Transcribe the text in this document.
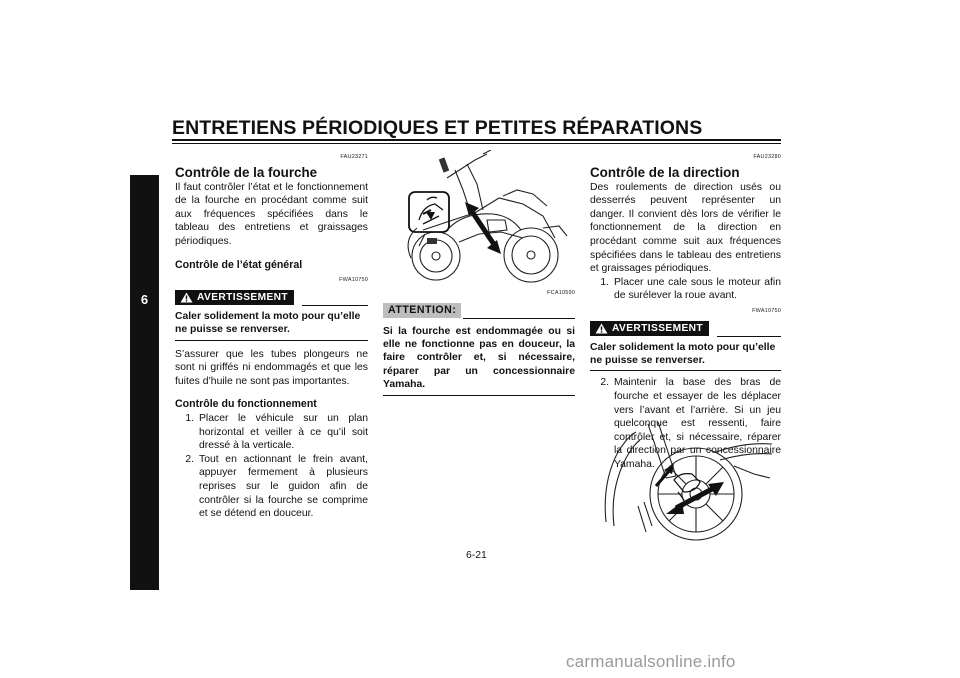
ENTRETIENS PÉRIODIQUES ET PETITES RÉPARATIONS
6
FAU23271
Contrôle de la fourche
Il faut contrôler l’état et le fonctionnement de la fourche en procédant comme suit aux fréquences spécifiées dans le tableau des entretiens et graissages périodiques.
Contrôle de l’état général
FWA10750
AVERTISSEMENT
Caler solidement la moto pour qu’elle ne puisse se renverser.
S’assurer que les tubes plongeurs ne sont ni griffés ni endommagés et que les fuites d’huile ne sont pas importantes.
Contrôle du fonctionnement
1. Placer le véhicule sur un plan horizontal et veiller à ce qu’il soit dressé à la verticale.
2. Tout en actionnant le frein avant, appuyer fermement à plusieurs reprises sur le guidon afin de contrôler si la fourche se comprime et se détend en douceur.
FCA10590
ATTENTION:
Si la fourche est endommagée ou si elle ne fonctionne pas en douceur, la faire contrôler et, si nécessaire, réparer par un concessionnaire Yamaha.
FAU23280
Contrôle de la direction
Des roulements de direction usés ou desserrés peuvent représenter un danger. Il convient dès lors de vérifier le fonctionnement de la direction en procédant comme suit aux fréquences spécifiées dans le tableau des entretiens et graissages périodiques.
1. Placer une cale sous le moteur afin de surélever la roue avant.
FWA10750
AVERTISSEMENT
Caler solidement la moto pour qu’elle ne puisse se renverser.
2. Maintenir la base des bras de fourche et essayer de les déplacer vers l’avant et l’arrière. Si un jeu quelconque est ressenti, faire contrôler et, si nécessaire, réparer la direction par un concessionnaire Yamaha.
6-21
carmanualsonline.info
